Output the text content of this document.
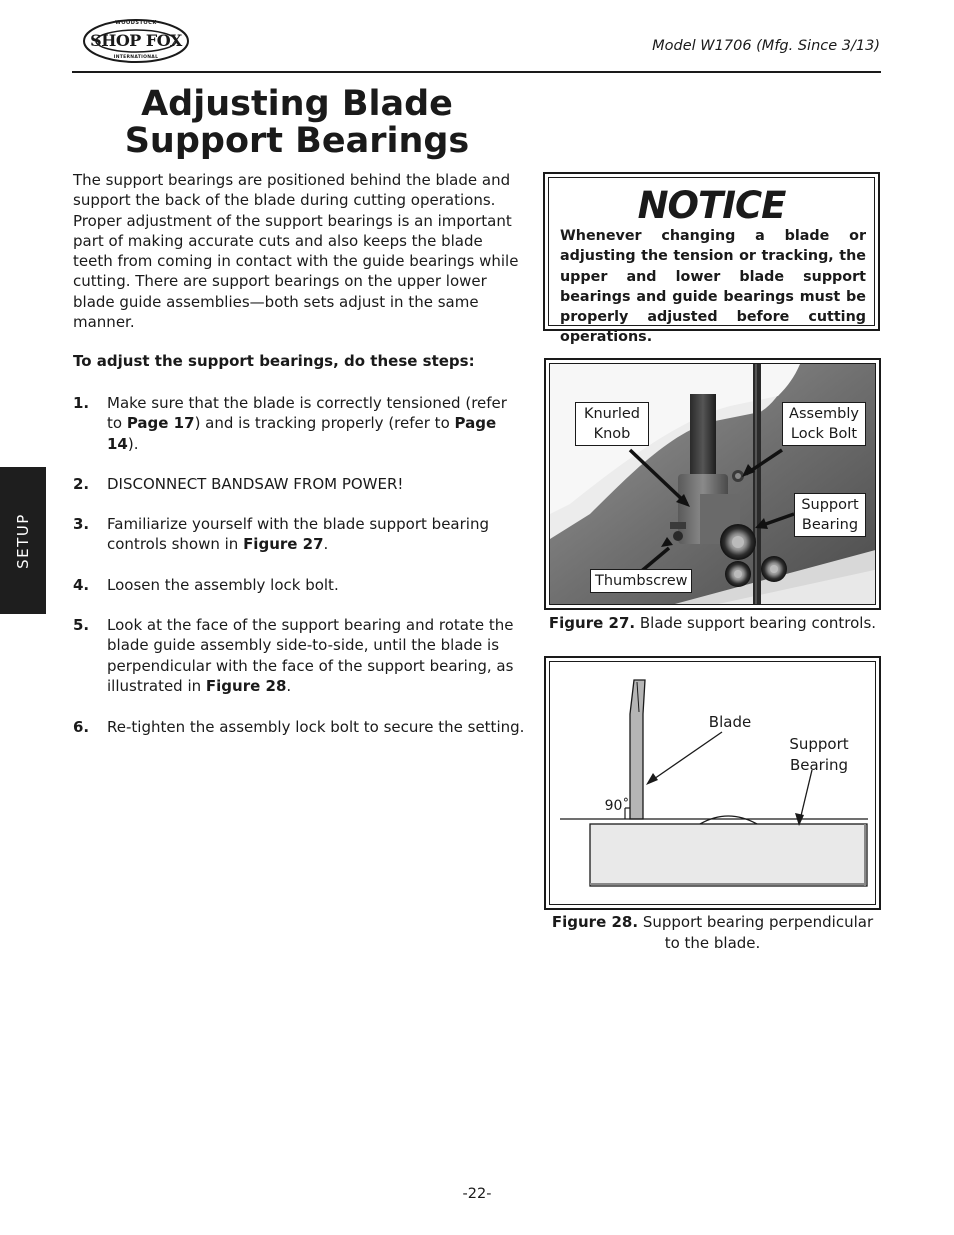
SHOP FOX
WOODSTOCK
INTERNATIONAL
Model W1706 (Mfg. Since 3/13)
Adjusting Blade Support Bearings
The support bearings are positioned behind the blade and support the back of the blade during cutting operations. Proper adjustment of the support bearings is an important part of making accurate cuts and also keeps the blade teeth from coming in contact with the guide bearings while cutting. There are support bearings on the upper lower blade guide assemblies—both sets adjust in the same manner.
To adjust the support bearings, do these steps:
1. Make sure that the blade is correctly tensioned (refer to Page 17) and is tracking properly (refer to Page 14).
2. DISCONNECT BANDSAW FROM POWER!
3. Familiarize yourself with the blade support bearing controls shown in Figure 27.
4. Loosen the assembly lock bolt.
5. Look at the face of the support bearing and rotate the blade guide assembly side-to-side, until the blade is perpendicular with the face of the support bearing, as illustrated in Figure 28.
6. Re-tighten the assembly lock bolt to secure the setting.
SETUP
NOTICE
Whenever changing a blade or adjusting the tension or tracking, the upper and lower blade support bearings and guide bearings must be properly adjusted before cutting operations.
Knurled Knob
Assembly Lock Bolt
Support Bearing
Thumbscrew
Figure 27. Blade support bearing controls.
Blade
Support Bearing
90˚
Figure 28. Support bearing perpendicular to the blade.
-22-
